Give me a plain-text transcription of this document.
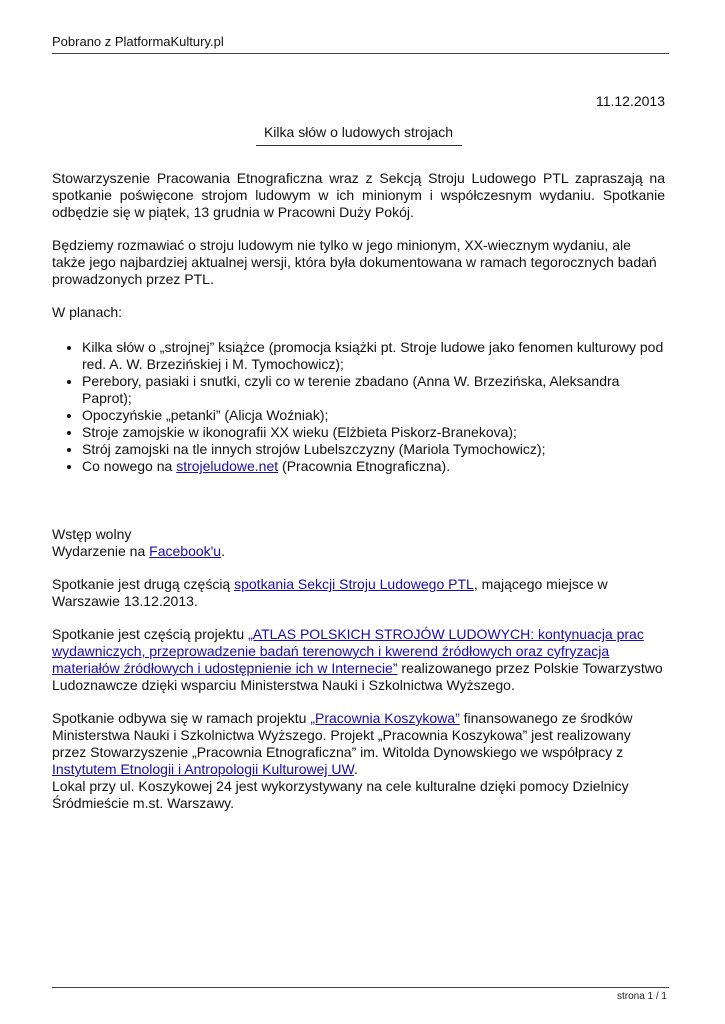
Pobrano z PlatformaKultury.pl

11.12.2013

Kilka słów o ludowych strojach

Stowarzyszenie Pracowania Etnograficzna wraz z Sekcją Stroju Ludowego PTL zapraszają na spotkanie poświęcone strojom ludowym w ich minionym i współczesnym wydaniu. Spotkanie odbędzie się w piątek, 13 grudnia w Pracowni Duży Pokój.

Będziemy rozmawiać o stroju ludowym nie tylko w jego minionym, XX-wiecznym wydaniu, ale także jego najbardziej aktualnej wersji, która była dokumentowana w ramach tegorocznych badań prowadzonych przez PTL.

W planach:

• Kilka słów o „strojnej” książce (promocja książki pt. Stroje ludowe jako fenomen kulturowy pod red. A. W. Brzezińskiej i M. Tymochowicz);
• Perebory, pasiaki i snutki, czyli co w terenie zbadano (Anna W. Brzezińska, Aleksandra Paprot);
• Opoczyńskie „petanki” (Alicja Woźniak);
• Stroje zamojskie w ikonografii XX wieku (Elżbieta Piskorz-Branekova);
• Strój zamojski na tle innych strojów Lubelszczyzny (Mariola Tymochowicz);
• Co nowego na strojeludowe.net (Pracownia Etnograficzna).

Wstęp wolny

Wydarzenie na Facebook'u.

Spotkanie jest drugą częścią spotkania Sekcji Stroju Ludowego PTL, mającego miejsce w Warszawie 13.12.2013.

Spotkanie jest częścią projektu „ATLAS POLSKICH STROJÓW LUDOWYCH: kontynuacja prac wydawniczych, przeprowadzenie badań terenowych i kwerend źródłowych oraz cyfryzacja materiałów źródłowych i udostępnienie ich w Internecie” realizowanego przez Polskie Towarzystwo Ludoznawcze dzięki wsparciu Ministerstwa Nauki i Szkolnictwa Wyższego.

Spotkanie odbywa się w ramach projektu „Pracownia Koszykowa” finansowanego ze środków Ministerstwa Nauki i Szkolnictwa Wyższego. Projekt „Pracownia Koszykowa” jest realizowany przez Stowarzyszenie „Pracownia Etnograficzna” im. Witolda Dynowskiego we współpracy z Instytutem Etnologii i Antropologii Kulturowej UW.

Lokal przy ul. Koszykowej 24 jest wykorzystywany na cele kulturalne dzięki pomocy Dzielnicy Śródmieście m.st. Warszawy.

strona 1 / 1
